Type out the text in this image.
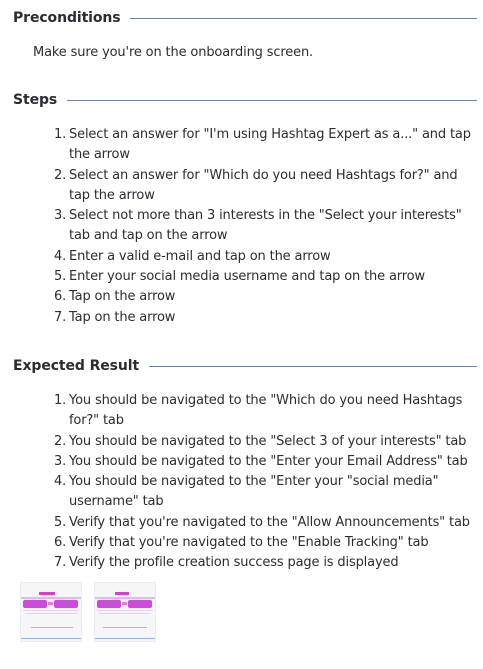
Preconditions
Make sure you're on the onboarding screen.
Steps
1. Select an answer for "I'm using Hashtag Expert as a..." and tap the arrow
2. Select an answer for "Which do you need Hashtags for?" and tap the arrow
3. Select not more than 3 interests in the "Select your interests" tab and tap on the arrow
4. Enter a valid e-mail and tap on the arrow
5. Enter your social media username and tap on the arrow
6. Tap on the arrow
7. Tap on the arrow
Expected Result
1. You should be navigated to the "Which do you need Hashtags for?" tab
2. You should be navigated to the "Select 3 of your interests" tab
3. You should be navigated to the "Enter your Email Address" tab
4. You should be navigated to the "Enter your "social media" username" tab
5. Verify that you're navigated to the "Allow Announcements" tab
6. Verify that you're navigated to the "Enable Tracking" tab
7. Verify the profile creation success page is displayed
